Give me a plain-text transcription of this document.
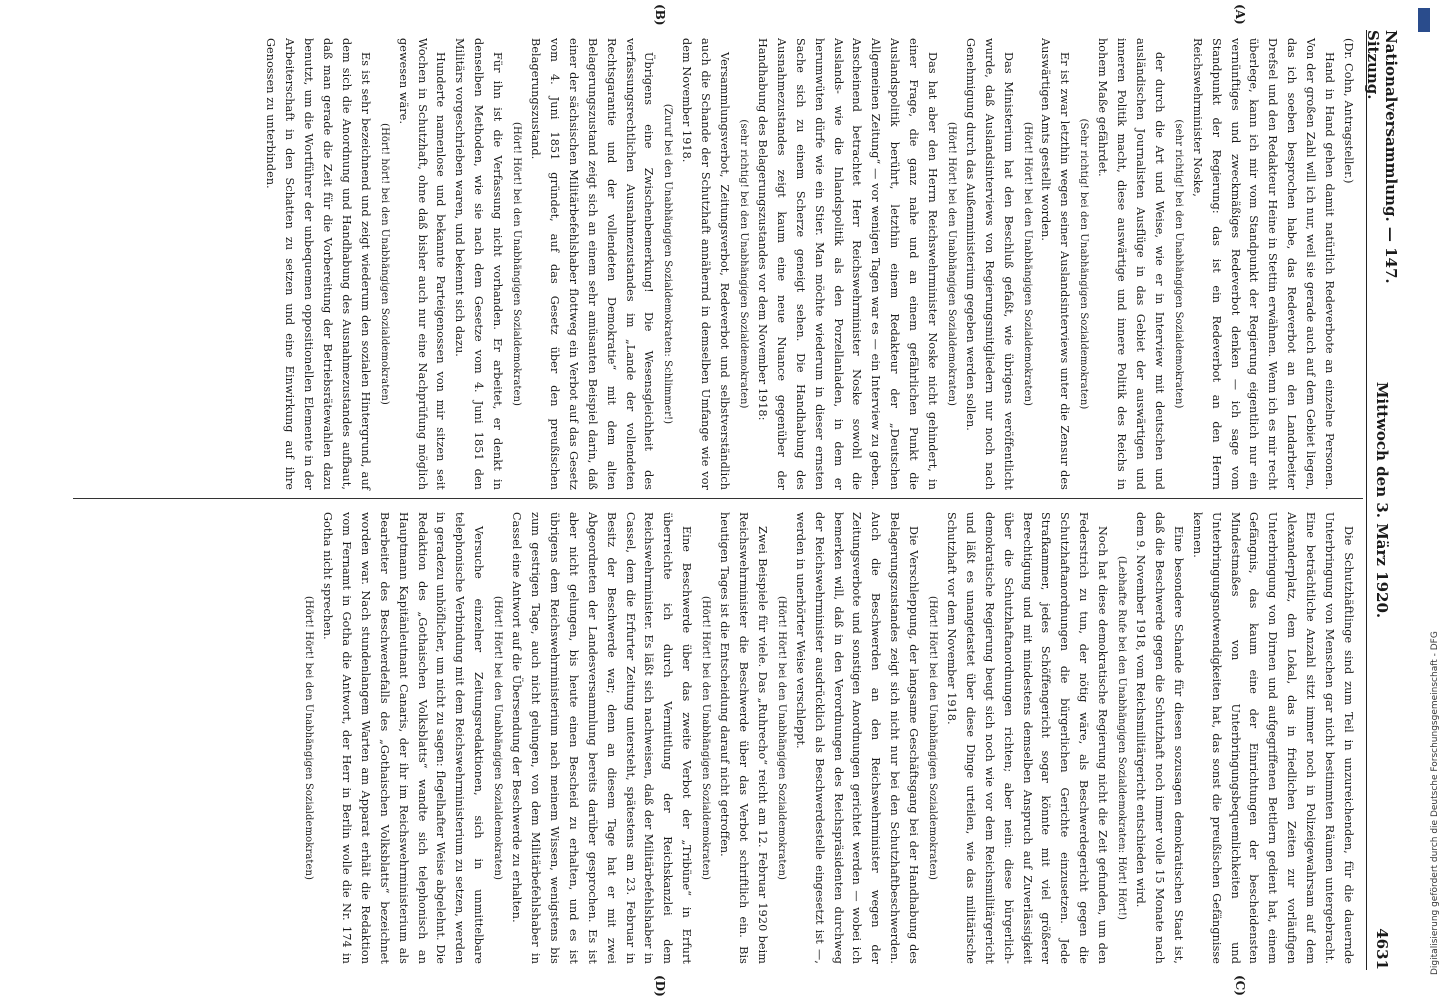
Nationalversammlung. — 147. Sitzung.
Mittwoch den 3. März 1920.
4631

(Dr. Cohn, Antragsteller.)

Hand in Hand gehen damit natürlich Redeverbote an einzelne Personen. Von der großen Zahl will ich nur, weil sie gerade auch auf dem Gebiet liegen, das ich soeben besprochen habe, das Redeverbot an den Landarbeiter Drefsel und den Redakteur Heine in Stettin erwähnen. Wenn ich es mir recht überlege, kann ich mir vom Standpunkt der Regierung eigentlich nur ein vernünftiges und zweckmäßiges Redeverbot denken — ich sage vom Standpunkt der Regierung: das ist ein Redeverbot an den Herrn Reichswehrminister Noske,

(sehr richtig! bei den Unabhängigen Sozialdemokraten)

der durch die Art und Weise, wie er in Interview mit deutschen und ausländischen Journalisten Ausflüge in das Gebiet der auswärtigen und inneren Politik macht, diese auswärtige und innere Politik des Reichs in hohem Maße gefährdet.

(Sehr richtig! bei den Unabhängigen Sozialdemokraten)

Er ist zwar letzthin wegen seiner Auslandsinterviews unter die Zensur des Auswärtigen Amts gestellt worden.

(Hört! Hört! bei den Unabhängigen Sozialdemokraten)

Das Ministerium hat den Beschluß gefaßt, wie übrigens veröffentlicht wurde, daß Auslandsinterviews von Regierungsmitgliedern nur noch nach Genehmigung durch das Außenministerium gegeben werden sollen.

(Hört! Hört! bei den Unabhängigen Sozialdemokraten)

Das hat aber den Herrn Reichswehrminister Noske nicht gehindert, in einer Frage, die ganz nahe und an einem gefährlichen Punkt die Auslandspolitik berührt, letzthin einem Redakteur der „Deutschen Allgemeinen Zeitung“ — vor wenigen Tagen war es — ein Interview zu geben. Anscheinend betrachtet Herr Reichswehrminister Noske sowohl die Auslands- wie die Inlandspolitik als den Porzellanladen, in dem er herumwüten dürfe wie ein Stier. Man möchte wiederum in dieser ernsten Sache sich zu einem Scherze geneigt sehen. Die Handhabung des Ausnahmezustandes zeigt kaum eine neue Nuance gegenüber der Handhabung des Belagerungszustandes vor dem November 1918:

(sehr richtig! bei den Unabhängigen Sozialdemokraten)

Versammlungsverbot, Zeitungsverbot, Redeverbot und selbstverständlich auch die Schande der Schutzhaft annähernd in demselben Umfange wie vor dem November 1918.

(Zuruf bei den Unabhängigen Sozialdemokraten: Schlimmer!)

Übrigens eine Zwischenbemerkung! Die Wesensgleichheit des verfassungsrechtlichen Ausnahmezustandes im „Lande der vollendeten Rechtsgarantie und der vollendeten Demokratie“ mit dem alten Belagerungszustand zeigt sich an einem sehr amüsanten Beispiel darin, daß einer der sächsischen Militärbefehlshaber flottweg ein Verbot auf das Gesetz vom 4. Juni 1851 gründet, auf das Gesetz über den preußischen Belagerungszustand.

(Hört! Hört! bei den Unabhängigen Sozialdemokraten)

Für ihn ist die Verfassung nicht vorhanden. Er arbeitet, er denkt in denselben Methoden, wie sie nach dem Gesetze vom 4. Juni 1851 den Militärs vorgeschrieben waren, und bekennt sich dazu.

Hunderte namenlose und bekannte Parteigenossen von mir sitzen seit Wochen in Schutzhaft, ohne daß bisher auch nur eine Nachprüfung möglich gewesen wäre.

(Hört! hört! bei den Unabhängigen Sozialdemokraten)

Es ist sehr bezeichnend und zeigt wiederum den sozialen Hintergrund, auf dem sich die Anordnung und Handhabung des Ausnahmezustandes aufbaut, daß man gerade die Zeit für die Vorbereitung der Betriebsrätewahlen dazu benutzt, um die Wortführer der unbequemen oppositionellen Elemente in der Arbeiterschaft in den Schatten zu setzen und eine Einwirkung auf ihre Genossen zu unterbinden.

Die Schutzhäftlinge sind zum Teil in unzureichenden, für die dauernde Unterbringung von Menschen gar nicht bestimmten Räumen untergebracht. Eine beträchtliche Anzahl sitzt immer noch in Polizeigewahrsam auf dem Alexanderplatz, dem Lokal, das in friedlichen Zeiten zur vorläufigen Unterbringung von Dirnen und aufgegriffenen Bettlern gedient hat, einem Gefängnis, das kaum eine der Einrichtungen der bescheidensten Mindestmaßes von Unterbringungsbequemlichkeiten und Unterbringungsnotwendigkeiten hat, das sonst die preußischen Gefängnisse kennen.

Eine besondere Schande für diesen sozusagen demokratischen Staat ist, daß die Beschwerde gegen die Schutzhaft noch immer volle 15 Monate nach dem 9. November 1918, vom Reichsmilitärgericht entschieden wird.

(Lebhafte Rufe bei den Unabhängigen Sozialdemokraten: Hört! Hört!)

Noch hat diese demokratische Regierung nicht die Zeit gefunden, um den Federstrich zu tun, der nötig wäre, als Beschwerdegericht gegen die Schutzhaftanordnungen die bürgerlichen Gerichte einzusetzen. Jede Strafkammer, jedes Schöffengericht sogar könnte mit viel größerer Berechtigung und mit mindestens demselben Anspruch auf Zuverlässigkeit über die Schutzhaftanordnungen richten; aber nein: diese bürgerlich-demokratische Regierung beugt sich noch wie vor dem Reichsmilitärgericht und läßt es unangetastet über diese Dinge urteilen, wie das militärische Schutzhaft vor dem November 1918.

(Hört! Hört! bei den Unabhängigen Sozialdemokraten)

Die Verschleppung, der langsame Geschäftsgang bei der Handhabung des Belagerungszustandes zeigt sich nicht nur bei den Schutzhaftbeschwerden. Auch die Beschwerden an den Reichswehrminister wegen der Zeitungsverbote und sonstigen Anordnungen gerichtet werden — wobei ich bemerken will, daß in den Verordnungen des Reichspräsidenten durchweg der Reichswehrminister ausdrücklich als Beschwerdestelle eingesetzt ist —, werden in unerhörter Weise verschleppt.

(Hört! Hört! bei den Unabhängigen Sozialdemokraten)

Zwei Beispiele für viele. Das „Ruhrecho“ reicht am 12. Februar 1920 beim Reichswehrminister die Beschwerde über das Verbot schriftlich ein. Bis heutigen Tages ist die Entscheidung darauf nicht getroffen.

(Hört! Hört! bei den Unabhängigen Sozialdemokraten)

Eine Beschwerde über das zweite Verbot der „Tribüne“ in Erfurt überreichte ich durch Vermittlung der Reichskanzlei dem Reichswehrminister. Es läßt sich nachweisen, daß der Militärbefehlshaber in Cassel, dem die Erfurter Zeitung untersteht, spätestens am 23. Februar in Besitz der Beschwerde war; denn an diesem Tage hat er mit zwei Abgeordneten der Landesversammlung bereits darüber gesprochen. Es ist aber nicht gelungen, bis heute einen Bescheid zu erhalten, und es ist übrigens dem Reichswehrministerium nach meinem Wissen, wenigstens bis zum gestrigen Tage, auch nicht gelungen, von dem Militärbefehlshaber in Cassel eine Antwort auf die Übersendung der Beschwerde zu erhalten.

(Hört! Hört! bei den Unabhängigen Sozialdemokraten)

Versuche einzelner Zeitungsredaktionen, sich in unmittelbare telephonische Verbindung mit dem Reichswehrministerium zu setzen, werden in geradezu unhöflicher, um nicht zu sagen: flegelhafter Weise abgelehnt. Die Redaktion des „Gothaischen Volksblatts“ wandte sich telephonisch an Hauptmann Kapitänleutnant Canaris, der ihr im Reichswehrministerium als Bearbeiter des Beschwerdefalls des „Gothaischen Volksblatts“ bezeichnet worden war. Nach stundenlangem Warten am Apparat erhält die Redaktion vom Fernamt in Gotha die Antwort, der Herr in Berlin wolle die Nr. 174 in Gotha nicht sprechen.

(Hört! Hört! bei den Unabhängigen Sozialdemokraten)

(A)
(B)
(C)
(D)
Digitalisierung gefördert durch die Deutsche Forschungsgemeinschaft - DFG
